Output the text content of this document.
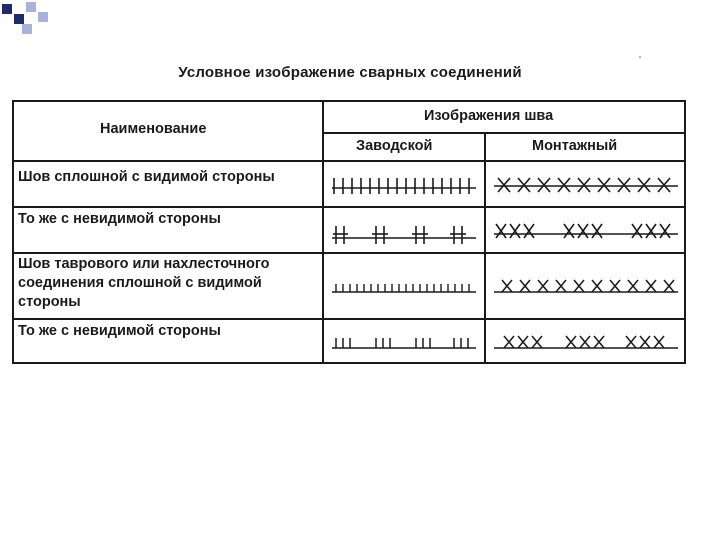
Условное изображение сварных соединений
Наименование
Изображения шва
Заводской	Монтажный
Шов сплошной с видимой стороны
То же с невидимой стороны
Шов таврового или нахлесточного
соединения сплошной с видимой
стороны
То же с невидимой стороны
